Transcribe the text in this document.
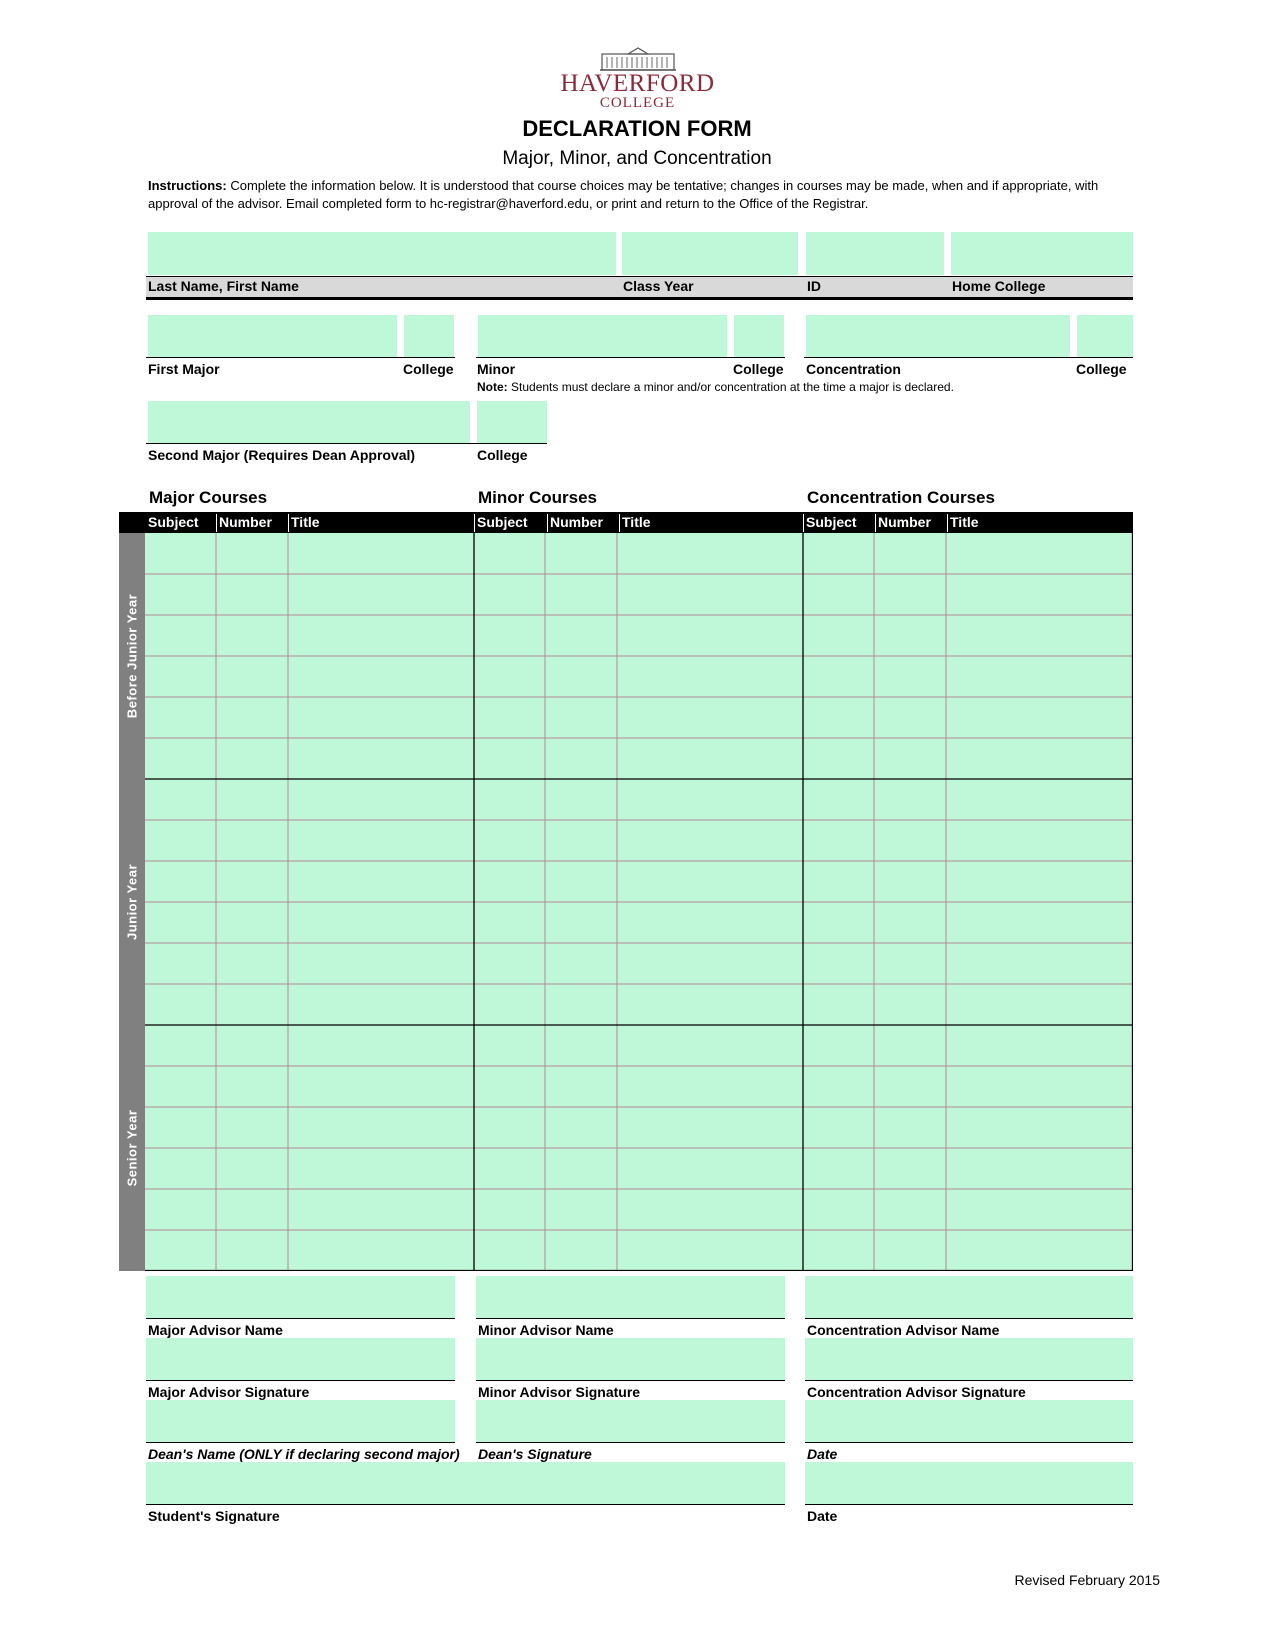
HAVERFORD
COLLEGE
DECLARATION FORM
Major, Minor, and Concentration
Instructions: Complete the information below. It is understood that course choices may be tentative; changes in courses may be made, when and if appropriate, with approval of the advisor. Email completed form to hc-registrar@haverford.edu, or print and return to the Office of the Registrar.
Last Name, First Name	Class Year	ID	Home College
First Major	College Minor	College Concentration	College
Note: Students must declare a minor and/or concentration at the time a major is declared.
Second Major (Requires Dean Approval)	College
Major Courses	Minor Courses	Concentration Courses
Subject Number Title	Subject Number Title	Subject Number Title
Before Junior Year
Junior Year
Senior Year
Major Advisor Name	Minor Advisor Name	Concentration Advisor Name
Major Advisor Signature	Minor Advisor Signature	Concentration Advisor Signature
Dean's Name (ONLY if declaring second major) Dean's Signature	Date
Student's Signature	Date
Revised February 2015
